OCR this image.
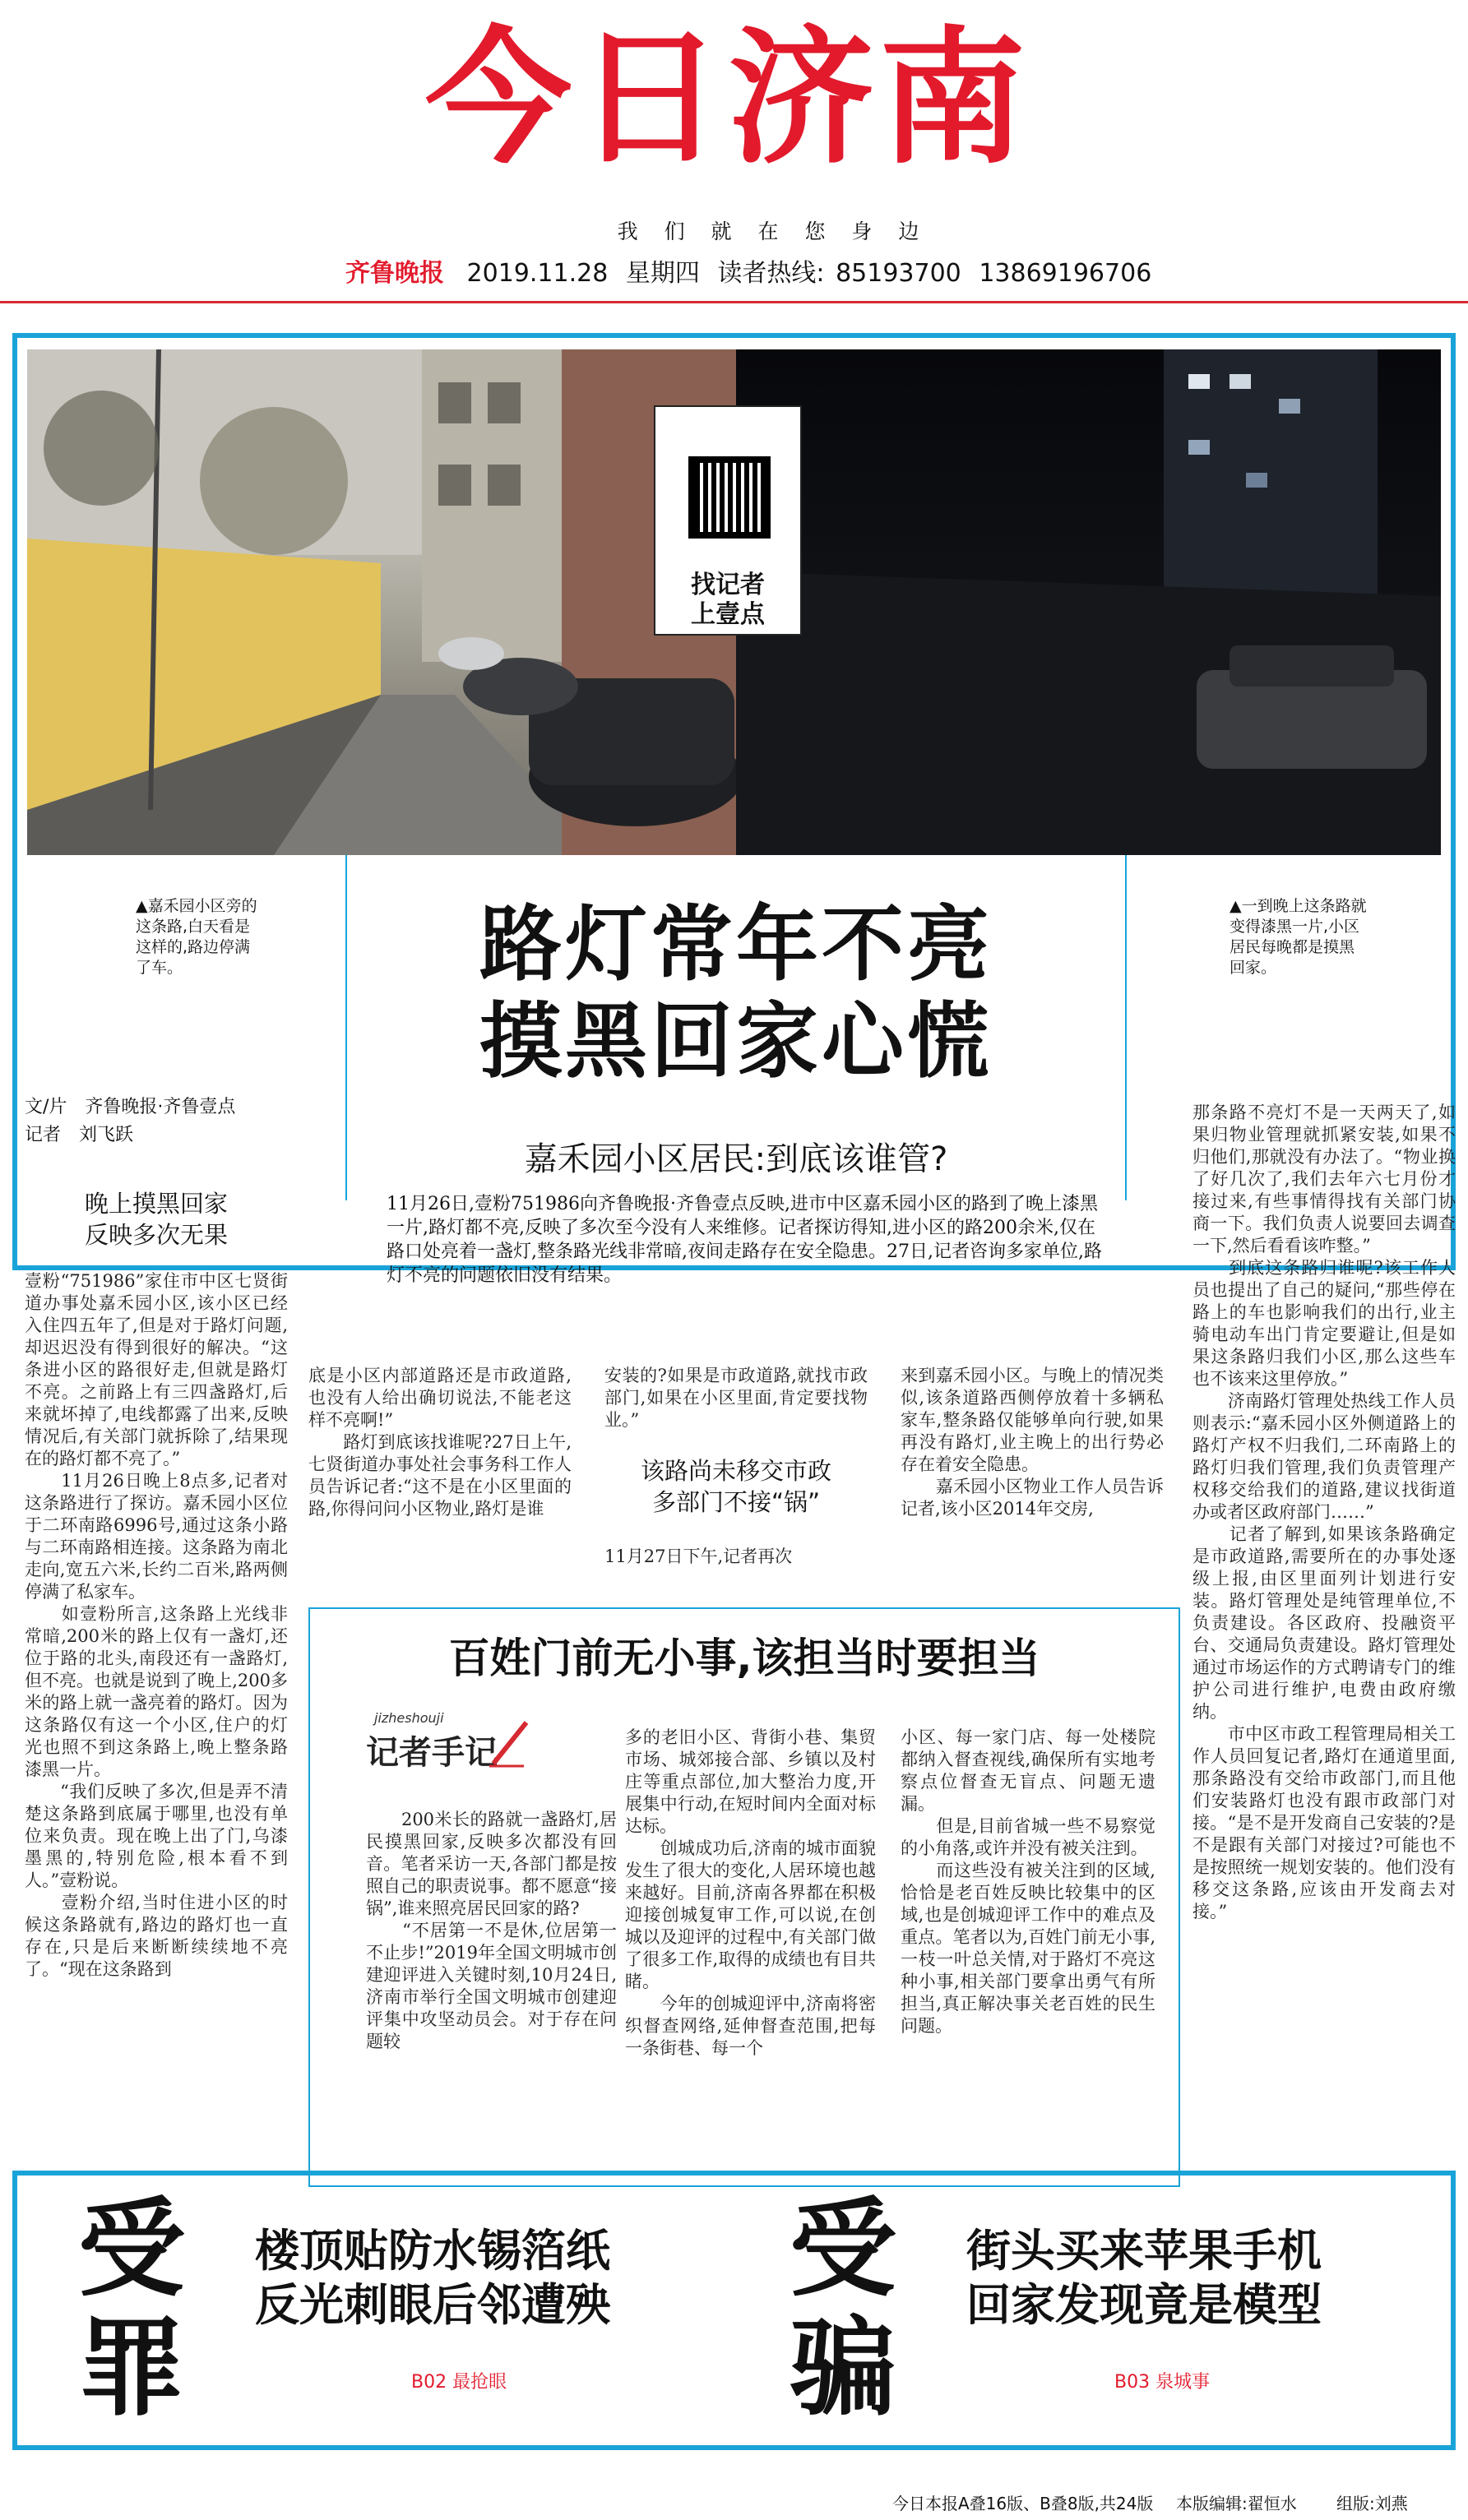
今日济南
我 们 就 在 您 身 边
齐鲁晚报 2019.11.28 星期四 读者热线: 85193700 13869196706
找记者
上壹点
▲嘉禾园小区旁的这条路,白天看是这样的,路边停满了车。
▲一到晚上这条路就变得漆黑一片,小区居民每晚都是摸黑回家。
路灯常年不亮
摸黑回家心慌
嘉禾园小区居民:到底该谁管?
文/片　齐鲁晚报·齐鲁壹点
记者　刘飞跃
11月26日,壹粉751986向齐鲁晚报·齐鲁壹点反映,进市中区嘉禾园小区的路到了晚上漆黑一片,路灯都不亮,反映了多次至今没有人来维修。记者探访得知,进小区的路200余米,仅在路口处亮着一盏灯,整条路光线非常暗,夜间走路存在安全隐患。27日,记者咨询多家单位,路灯不亮的问题依旧没有结果。
晚上摸黑回家
反映多次无果
壹粉“751986”家住市中区七贤街道办事处嘉禾园小区,该小区已经入住四五年了,但是对于路灯问题,却迟迟没有得到很好的解决。“这条进小区的路很好走,但就是路灯不亮。之前路上有三四盏路灯,后来就坏掉了,电线都露了出来,反映情况后,有关部门就拆除了,结果现在的路灯都不亮了。”
　　11月26日晚上8点多,记者对这条路进行了探访。嘉禾园小区位于二环南路6996号,通过这条小路与二环南路相连接。这条路为南北走向,宽五六米,长约二百米,路两侧停满了私家车。
　　如壹粉所言,这条路上光线非常暗,200米的路上仅有一盏灯,还位于路的北头,南段还有一盏路灯,但不亮。也就是说到了晚上,200多米的路上就一盏亮着的路灯。因为这条路仅有这一个小区,住户的灯光也照不到这条路上,晚上整条路漆黑一片。
　　“我们反映了多次,但是弄不清楚这条路到底属于哪里,也没有单位来负责。现在晚上出了门,乌漆墨黑的,特别危险,根本看不到人。”壹粉说。
　　壹粉介绍,当时住进小区的时候这条路就有,路边的路灯也一直存在,只是后来断断续续地不亮了。“现在这条路到
底是小区内部道路还是市政道路,也没有人给出确切说法,不能老这样不亮啊!”
　　路灯到底该找谁呢?27日上午,七贤街道办事处社会事务科工作人员告诉记者:“这不是在小区里面的路,你得问问小区物业,路灯是谁
安装的?如果是市政道路,就找市政部门,如果在小区里面,肯定要找物业。”
该路尚未移交市政
多部门不接“锅”
11月27日下午,记者再次
来到嘉禾园小区。与晚上的情况类似,该条道路西侧停放着十多辆私家车,整条路仅能够单向行驶,如果再没有路灯,业主晚上的出行势必存在着安全隐患。
　　嘉禾园小区物业工作人员告诉记者,该小区2014年交房,
那条路不亮灯不是一天两天了,如果归物业管理就抓紧安装,如果不归他们,那就没有办法了。“物业换了好几次了,我们去年六七月份才接过来,有些事情得找有关部门协商一下。我们负责人说要回去调查一下,然后看看该咋整。”
　　到底这条路归谁呢?该工作人员也提出了自己的疑问,“那些停在路上的车也影响我们的出行,业主骑电动车出门肯定要避让,但是如果这条路归我们小区,那么这些车也不该来这里停放。”
　　济南路灯管理处热线工作人员则表示:“嘉禾园小区外侧道路上的路灯产权不归我们,二环南路上的路灯归我们管理,我们负责管理产权移交给我们的道路,建议找街道办或者区政府部门……”
　　记者了解到,如果该条路确定是市政道路,需要所在的办事处逐级上报,由区里面列计划进行安装。路灯管理处是纯管理单位,不负责建设。各区政府、投融资平台、交通局负责建设。路灯管理处通过市场运作的方式聘请专门的维护公司进行维护,电费由政府缴纳。
　　市中区市政工程管理局相关工作人员回复记者,路灯在通道里面,那条路没有交给市政部门,而且他们安装路灯也没有跟市政部门对接。“是不是开发商自己安装的?是不是跟有关部门对接过?可能也不是按照统一规划安装的。他们没有移交这条路,应该由开发商去对接。”
百姓门前无小事,该担当时要担当
jizheshouji
记者手记
　　200米长的路就一盏路灯,居民摸黑回家,反映多次都没有回音。笔者采访一天,各部门都是按照自己的职责说事。都不愿意“接锅”,谁来照亮居民回家的路?
　　“不居第一不是休,位居第一不止步!”2019年全国文明城市创建迎评进入关键时刻,10月24日,济南市举行全国文明城市创建迎评集中攻坚动员会。对于存在问题较
多的老旧小区、背街小巷、集贸市场、城郊接合部、乡镇以及村庄等重点部位,加大整治力度,开展集中行动,在短时间内全面对标达标。
　　创城成功后,济南的城市面貌发生了很大的变化,人居环境也越来越好。目前,济南各界都在积极迎接创城复审工作,可以说,在创城以及迎评的过程中,有关部门做了很多工作,取得的成绩也有目共睹。
　　今年的创城迎评中,济南将密织督查网络,延伸督查范围,把每一条街巷、每一个
小区、每一家门店、每一处楼院都纳入督查视线,确保所有实地考察点位督查无盲点、问题无遗漏。
　　但是,目前省城一些不易察觉的小角落,或许并没有被关注到。
　　而这些没有被关注到的区域,恰恰是老百姓反映比较集中的区域,也是创城迎评工作中的难点及重点。笔者以为,百姓门前无小事,一枝一叶总关情,对于路灯不亮这种小事,相关部门要拿出勇气有所担当,真正解决事关老百姓的民生问题。
受
罪
楼顶贴防水锡箔纸
反光刺眼后邻遭殃
B02 最抢眼
受
骗
街头买来苹果手机
回家发现竟是模型
B03 泉城事
今日本报A叠16版、B叠8版,共24版 本版编辑:翟恒水 组版:刘燕
